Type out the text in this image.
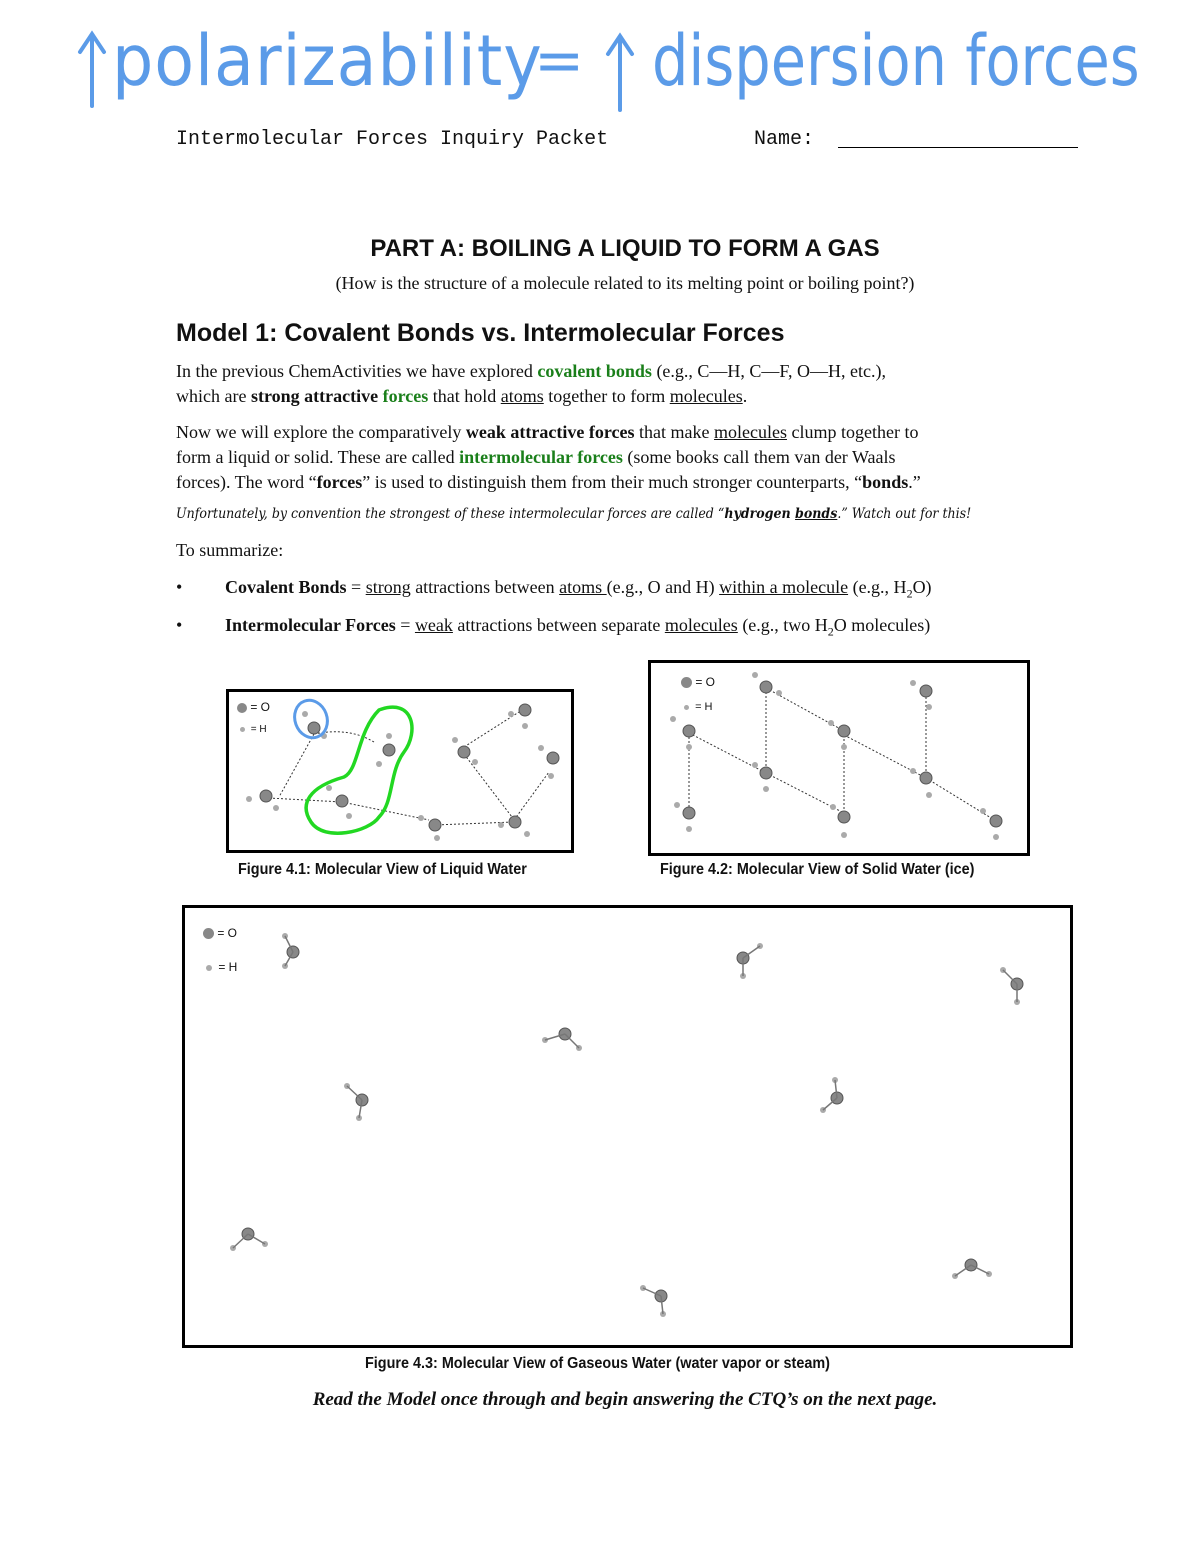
polarizability
= dispersion forces
Intermolecular Forces Inquiry Packet	Name:
PART A: BOILING A LIQUID TO FORM A GAS
(How is the structure of a molecule related to its melting point or boiling point?)
Model 1: Covalent Bonds vs. Intermolecular Forces
In the previous ChemActivities we have explored covalent bonds (e.g., C—H, C—F, O—H, etc.),
which are strong attractive forces that hold atoms together to form molecules.
Now we will explore the comparatively weak attractive forces that make molecules clump together to
form a liquid or solid. These are called intermolecular forces (some books call them van der Waals
forces). The word “forces” is used to distinguish them from their much stronger counterparts, “bonds.”
Unfortunately, by convention the strongest of these intermolecular forces are called “hydrogen bonds.” Watch out for this!
To summarize:
• Covalent Bonds = strong attractions between atoms (e.g., O and H) within a molecule (e.g., $H_2O$)
• Intermolecular Forces = weak attractions between separate molecules (e.g., two $H_2O$ molecules)
= O
= H
Figure 4.1: Molecular View of Liquid Water
= O
= H
Figure 4.2: Molecular View of Solid Water (ice)
= O
= H
Figure 4.3: Molecular View of Gaseous Water (water vapor or steam)
Read the Model once through and begin answering the CTQ’s on the next page.
